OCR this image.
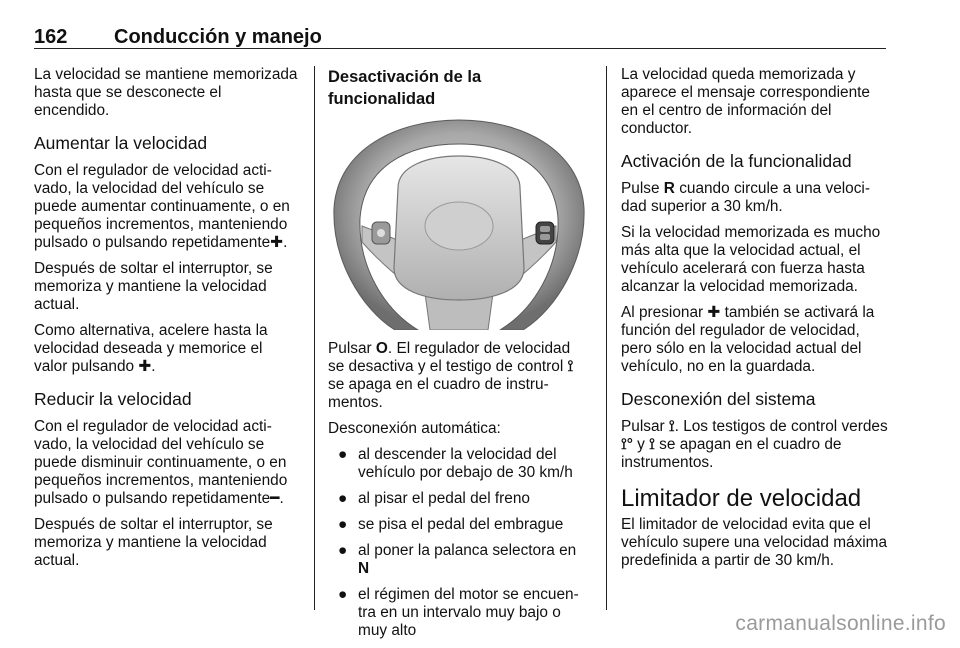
162 Conducción y manejo

La velocidad se mantiene memorizada hasta que se desconecte el encendido.

Aumentar la velocidad

Con el regulador de velocidad activado, la velocidad del vehículo se puede aumentar continuamente, o en pequeños incrementos, manteniendo pulsado o pulsando repetidamente✚.

Después de soltar el interruptor, se memoriza y mantiene la velocidad actual.

Como alternativa, acelere hasta la velocidad deseada y memorice el valor pulsando ✚.

Reducir la velocidad

Con el regulador de velocidad activado, la velocidad del vehículo se puede disminuir continuamente, o en pequeños incrementos, manteniendo pulsado o pulsando repetidamente━.

Después de soltar el interruptor, se memoriza y mantiene la velocidad actual.

Desactivación de la funcionalidad

Pulsar O. El regulador de velocidad se desactiva y el testigo de control ⟟ se apaga en el cuadro de instrumentos.

Desconexión automática:

● al descender la velocidad del vehículo por debajo de 30 km/h
● al pisar el pedal del freno
● se pisa el pedal del embrague
● al poner la palanca selectora en
N
● el régimen del motor se encuentra en un intervalo muy bajo o muy alto

La velocidad queda memorizada y aparece el mensaje correspondiente en el centro de información del conductor.

Activación de la funcionalidad

Pulse R cuando circule a una velocidad superior a 30 km/h.

Si la velocidad memorizada es mucho más alta que la velocidad actual, el vehículo acelerará con fuerza hasta alcanzar la velocidad memorizada.

Al presionar ✚ también se activará la función del regulador de velocidad, pero sólo en la velocidad actual del vehículo, no en la guardada.

Desconexión del sistema

Pulsar ⟟. Los testigos de control verdes ⟟° y ⟟ se apagan en el cuadro de instrumentos.

Limitador de velocidad

El limitador de velocidad evita que el vehículo supere una velocidad máxima predefinida a partir de 30 km/h.

carmanualsonline.info
